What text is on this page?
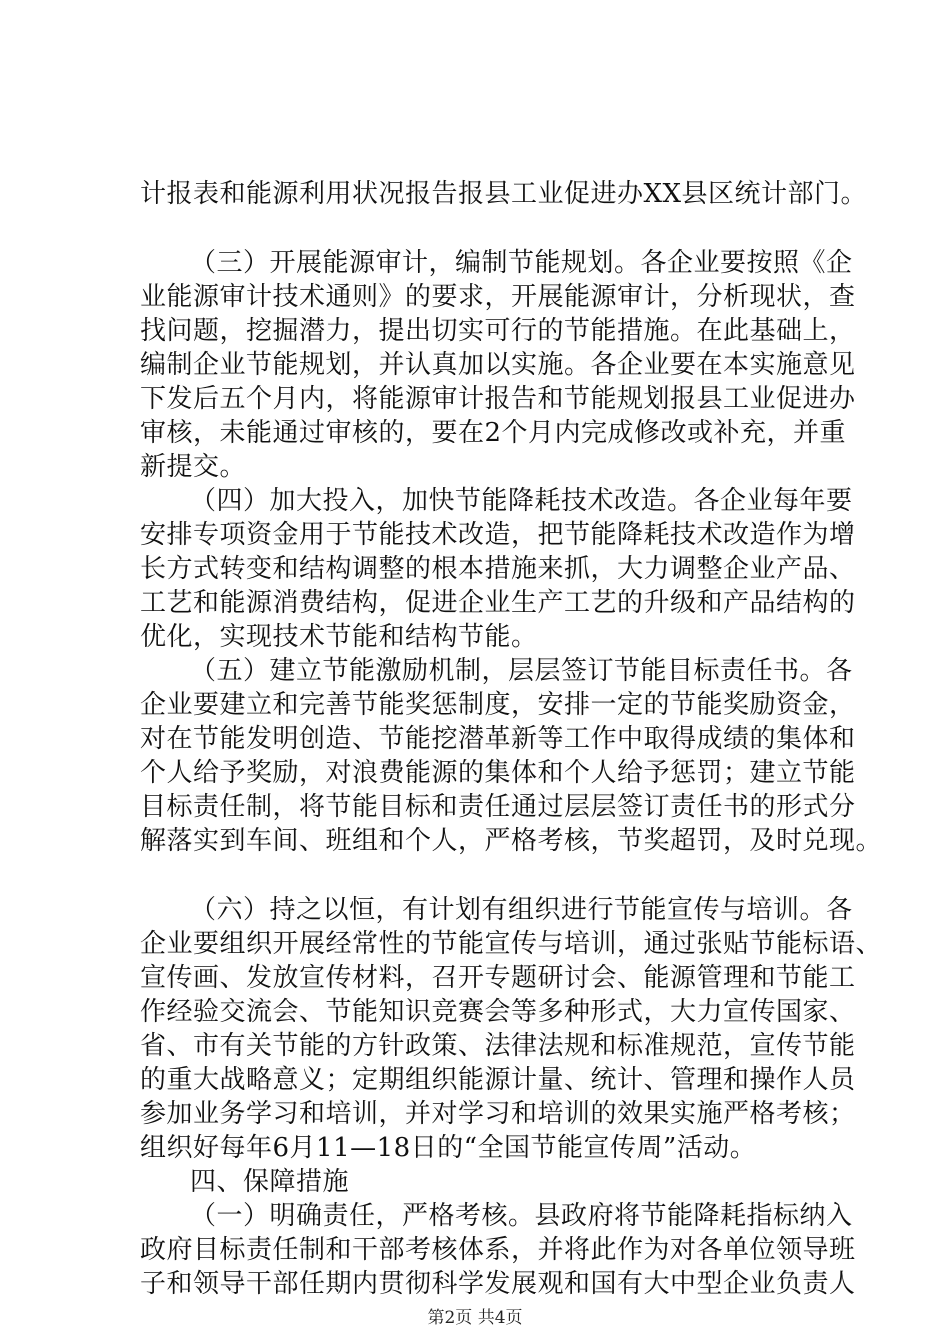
计报表和能源利用状况报告报县工业促进办XX县区统计部门。
（三）开展能源审计，编制节能规划。各企业要按照《企
业能源审计技术通则》的要求，开展能源审计，分析现状，查
找问题，挖掘潜力，提出切实可行的节能措施。在此基础上，
编制企业节能规划，并认真加以实施。各企业要在本实施意见
下发后五个月内，将能源审计报告和节能规划报县工业促进办
审核，未能通过审核的，要在2个月内完成修改或补充，并重
新提交。
（四）加大投入，加快节能降耗技术改造。各企业每年要
安排专项资金用于节能技术改造，把节能降耗技术改造作为增
长方式转变和结构调整的根本措施来抓，大力调整企业产品、
工艺和能源消费结构，促进企业生产工艺的升级和产品结构的
优化，实现技术节能和结构节能。
（五）建立节能激励机制，层层签订节能目标责任书。各
企业要建立和完善节能奖惩制度，安排一定的节能奖励资金，
对在节能发明创造、节能挖潜革新等工作中取得成绩的集体和
个人给予奖励，对浪费能源的集体和个人给予惩罚；建立节能
目标责任制，将节能目标和责任通过层层签订责任书的形式分
解落实到车间、班组和个人，严格考核，节奖超罚，及时兑现。
（六）持之以恒，有计划有组织进行节能宣传与培训。各
企业要组织开展经常性的节能宣传与培训，通过张贴节能标语、
宣传画、发放宣传材料，召开专题研讨会、能源管理和节能工
作经验交流会、节能知识竞赛会等多种形式，大力宣传国家、
省、市有关节能的方针政策、法律法规和标准规范，宣传节能
的重大战略意义；定期组织能源计量、统计、管理和操作人员
参加业务学习和培训，并对学习和培训的效果实施严格考核；
组织好每年6月11—18日的“全国节能宣传周”活动。
四、保障措施
（一）明确责任，严格考核。县政府将节能降耗指标纳入
政府目标责任制和干部考核体系，并将此作为对各单位领导班
子和领导干部任期内贯彻科学发展观和国有大中型企业负责人
第2页 共4页
